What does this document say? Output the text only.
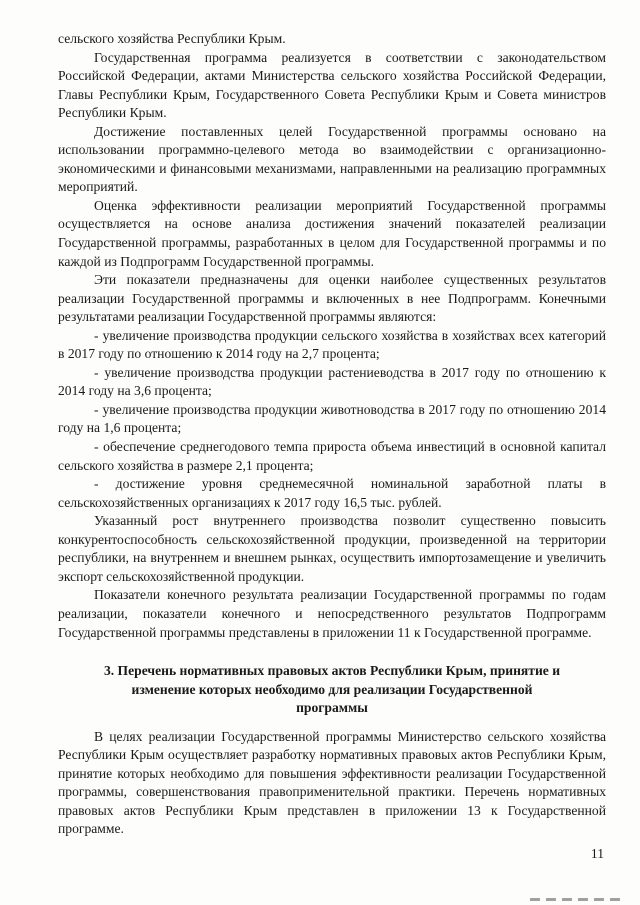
сельского хозяйства Республики Крым.

Государственная программа реализуется в соответствии с законодательством Российской Федерации, актами Министерства сельского хозяйства Российской Федерации, Главы Республики Крым, Государственного Совета Республики Крым и Совета министров Республики Крым.

Достижение поставленных целей Государственной программы основано на использовании программно-целевого метода во взаимодействии с организационно-экономическими и финансовыми механизмами, направленными на реализацию программных мероприятий.

Оценка эффективности реализации мероприятий Государственной программы осуществляется на основе анализа достижения значений показателей реализации Государственной программы, разработанных в целом для Государственной программы и по каждой из Подпрограмм Государственной программы.

Эти показатели предназначены для оценки наиболее существенных результатов реализации Государственной программы и включенных в нее Подпрограмм. Конечными результатами реализации Государственной программы являются:

- увеличение производства продукции сельского хозяйства в хозяйствах всех категорий в 2017 году по отношению к 2014 году на 2,7 процента;

- увеличение производства продукции растениеводства в 2017 году по отношению к 2014 году на 3,6 процента;

- увеличение производства продукции животноводства в 2017 году по отношению 2014 году на 1,6 процента;

- обеспечение среднегодового темпа прироста объема инвестиций в основной капитал сельского хозяйства в размере 2,1 процента;

- достижение уровня среднемесячной номинальной заработной платы в сельскохозяйственных организациях к 2017 году 16,5 тыс. рублей.

Указанный рост внутреннего производства позволит существенно повысить конкурентоспособность сельскохозяйственной продукции, произведенной на территории республики, на внутреннем и внешнем рынках, осуществить импортозамещение и увеличить экспорт сельскохозяйственной продукции.

Показатели конечного результата реализации Государственной программы по годам реализации, показатели конечного и непосредственного результатов Подпрограмм Государственной программы представлены в приложении 11 к Государственной программе.

3. Перечень нормативных правовых актов Республики Крым, принятие и изменение которых необходимо для реализации Государственной программы

В целях реализации Государственной программы Министерство сельского хозяйства Республики Крым осуществляет разработку нормативных правовых актов Республики Крым, принятие которых необходимо для повышения эффективности реализации Государственной программы, совершенствования правоприменительной практики. Перечень нормативных правовых актов Республики Крым представлен в приложении 13 к Государственной программе.

11
